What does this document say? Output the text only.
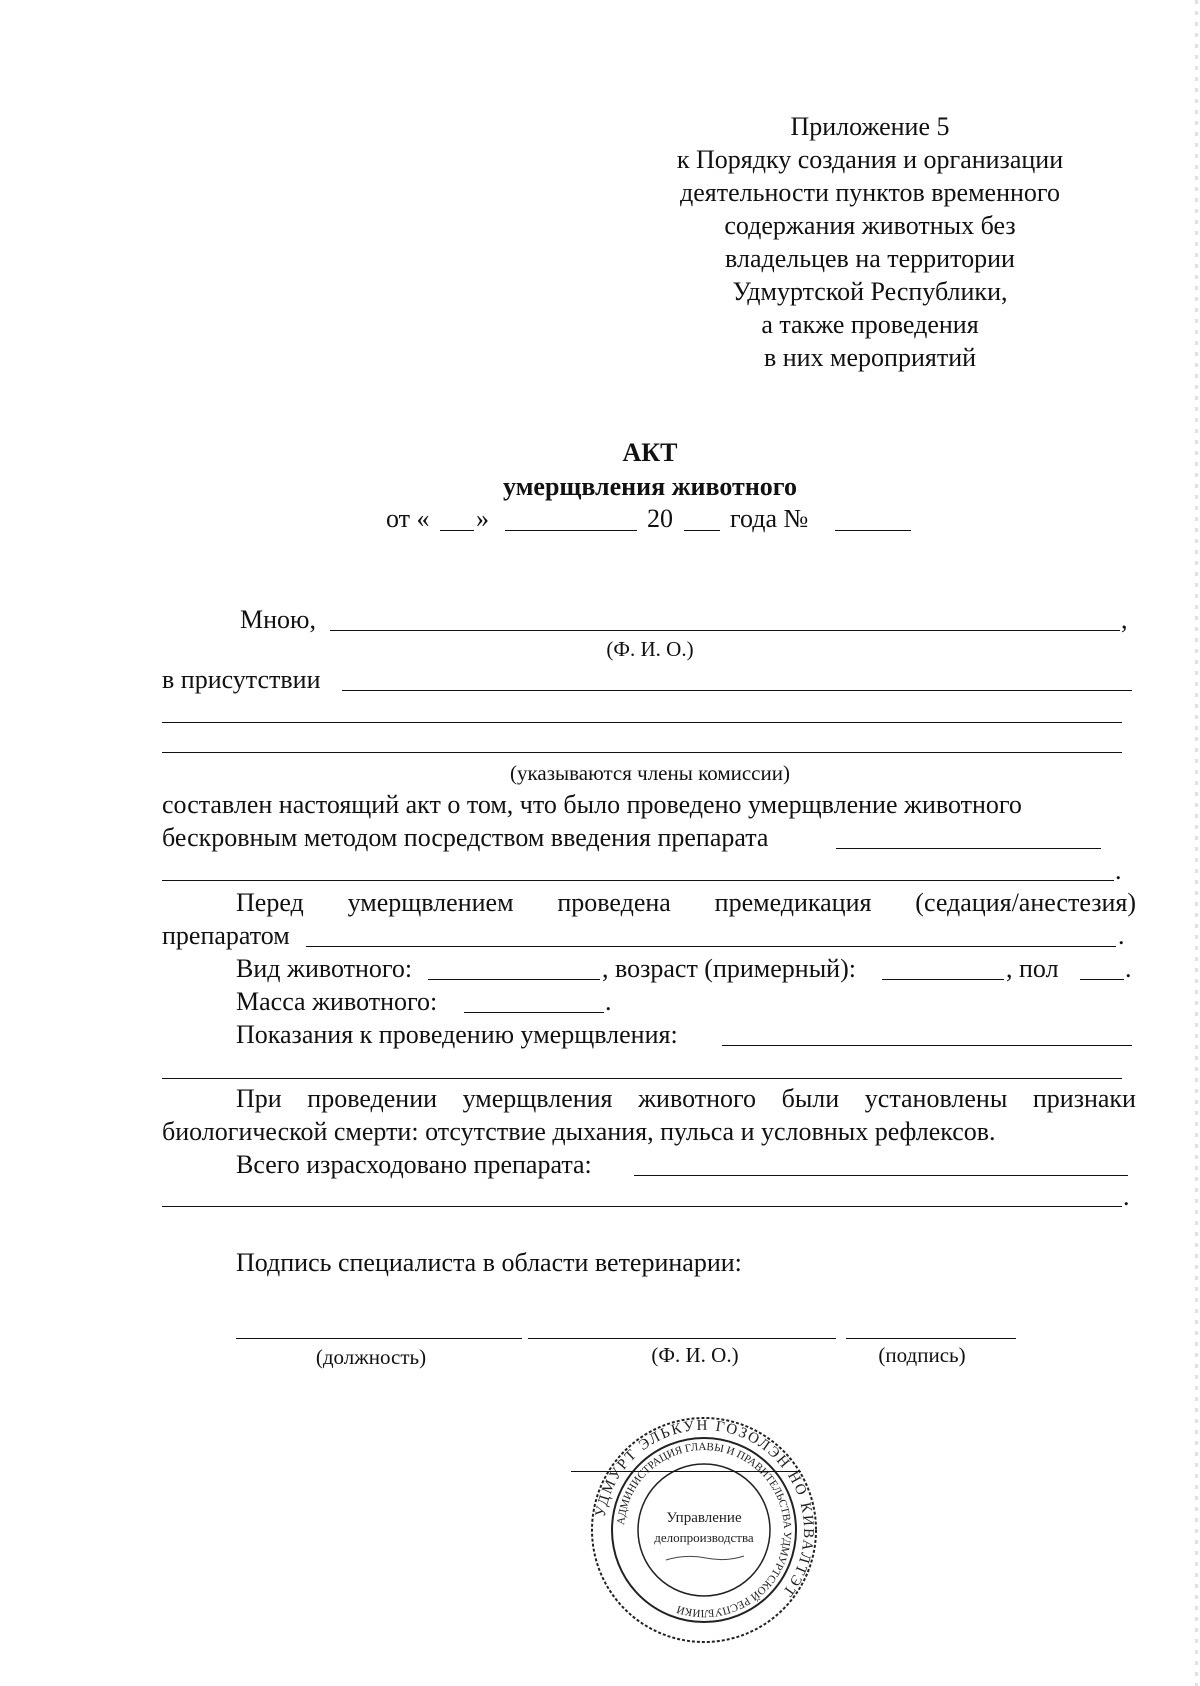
Приложение 5
к Порядку создания и организации
деятельности пунктов временного
содержания животных без
владельцев на территории
Удмуртской Республики,
а также проведения
в них мероприятий
АКТ
умерщвления животного
от « »	20 года №
Мною,	,
(Ф. И. О.)
в присутствии
(указываются члены комиссии)
составлен настоящий акт о том, что было проведено умерщвление животного
бескровным методом посредством введения препарата
.
Перед умерщвлением проведена премедикация (седация/анестезия)
препаратом	.
Вид животного:	, возраст (примерный):	, пол	.
Масса животного:	.
Показания к проведению умерщвления:
При проведении умерщвления животного были установлены признаки
биологической смерти: отсутствие дыхания, пульса и условных рефлексов.
Всего израсходовано препарата:
.
Подпись специалиста в области ветеринарии:
(должность)	(Ф. И. О.)	(подпись)
УДМУРТ ЭЛЬКУН ГОЗОЛЭН НО КИВАЛТЭТ
АДМИНИСТРАЦИЯ ГЛАВЫ И ПРАВИТЕЛЬСТВА УДМУРТСКОЙ РЕСПУБЛИКИ
Управление
делопроизводства
